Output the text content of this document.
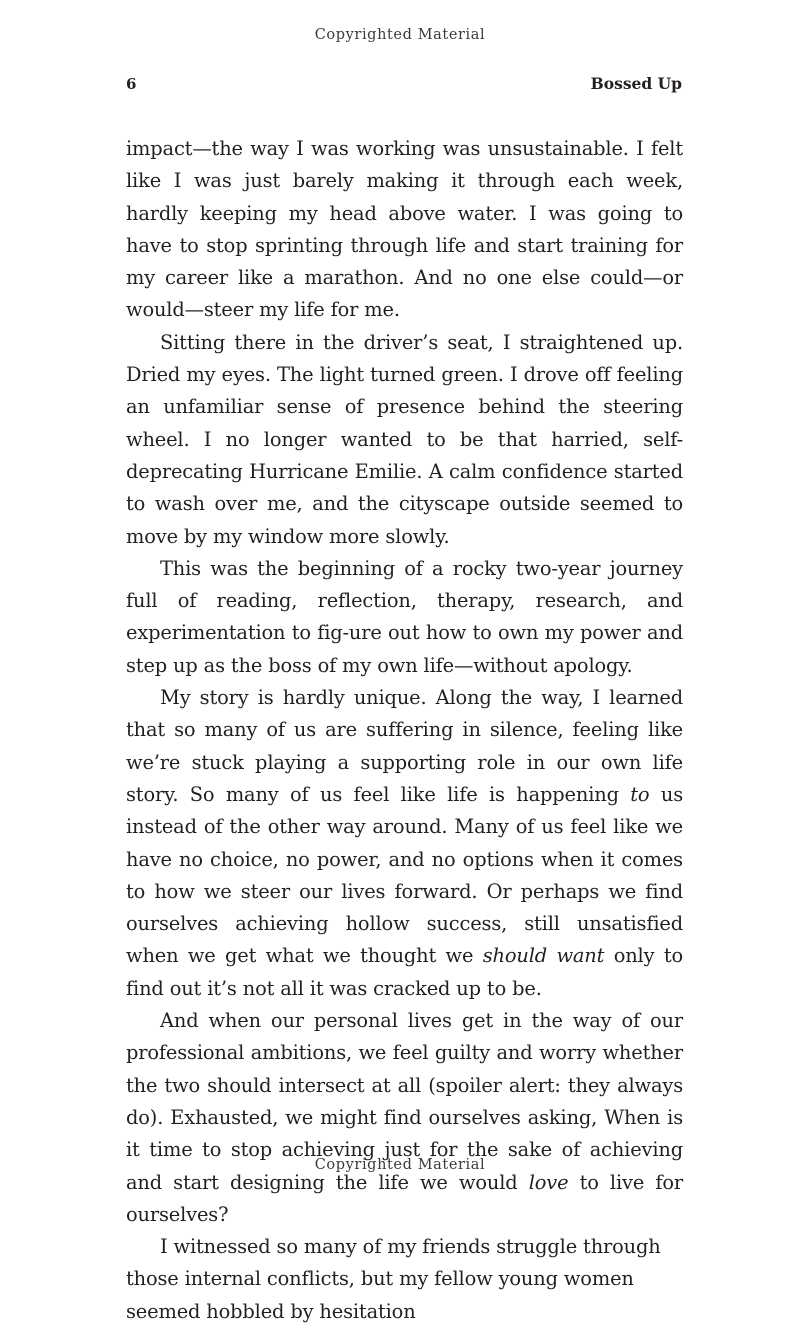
Copyrighted Material
6	Bossed Up

impact—the way I was working was unsustainable. I felt like I was just barely making it through each week, hardly keeping my head above water. I was going to have to stop sprinting through life and start training for my career like a marathon. And no one else could—or would—steer my life for me.

Sitting there in the driver’s seat, I straightened up. Dried my eyes. The light turned green. I drove off feeling an unfamiliar sense of presence behind the steering wheel. I no longer wanted to be that harried, self-deprecating Hurricane Emilie. A calm confidence started to wash over me, and the cityscape outside seemed to move by my window more slowly.

This was the beginning of a rocky two-year journey full of reading, reflection, therapy, research, and experimentation to fig-ure out how to own my power and step up as the boss of my own life—without apology.

My story is hardly unique. Along the way, I learned that so many of us are suffering in silence, feeling like we’re stuck playing a supporting role in our own life story. So many of us feel like life is happening to us instead of the other way around. Many of us feel like we have no choice, no power, and no options when it comes to how we steer our lives forward. Or perhaps we find ourselves achieving hollow success, still unsatisfied when we get what we thought we should want only to find out it’s not all it was cracked up to be.

And when our personal lives get in the way of our professional ambitions, we feel guilty and worry whether the two should intersect at all (spoiler alert: they always do). Exhausted, we might find ourselves asking, When is it time to stop achieving just for the sake of achieving and start designing the life we would love to live for ourselves?

I witnessed so many of my friends struggle through those internal conflicts, but my fellow young women seemed hobbled by hesitation

Copyrighted Material
